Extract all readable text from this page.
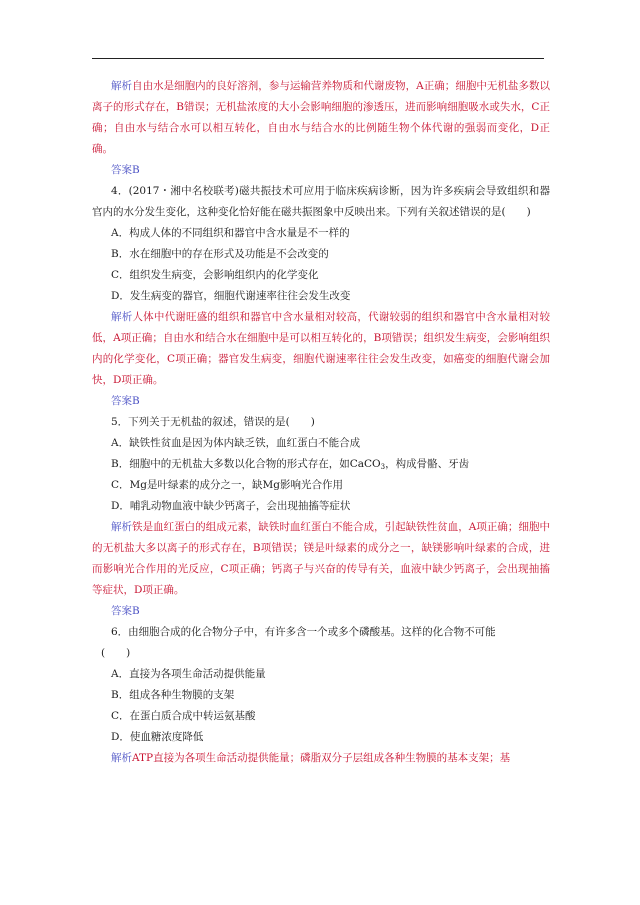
解析自由水是细胞内的良好溶剂，参与运输营养物质和代谢废物，A正确；细胞中无机盐多数以离子的形式存在，B错误；无机盐浓度的大小会影响细胞的渗透压，进而影响细胞吸水或失水，C正确；自由水与结合水可以相互转化，自由水与结合水的比例随生物个体代谢的强弱而变化，D正确。

答案B

4．(2017・湘中名校联考)磁共振技术可应用于临床疾病诊断，因为许多疾病会导致组织和器官内的水分发生变化，这种变化恰好能在磁共振图象中反映出来。下列有关叙述错误的是(　　)

A．构成人体的不同组织和器官中含水量是不一样的

B．水在细胞中的存在形式及功能是不会改变的

C．组织发生病变，会影响组织内的化学变化

D．发生病变的器官，细胞代谢速率往往会发生改变

解析人体中代谢旺盛的组织和器官中含水量相对较高，代谢较弱的组织和器官中含水量相对较低，A项正确；自由水和结合水在细胞中是可以相互转化的，B项错误；组织发生病变，会影响组织内的化学变化，C项正确；器官发生病变，细胞代谢速率往往会发生改变，如癌变的细胞代谢会加快，D项正确。

答案B

5．下列关于无机盐的叙述，错误的是(　　)

A．缺铁性贫血是因为体内缺乏铁，血红蛋白不能合成

B．细胞中的无机盐大多数以化合物的形式存在，如CaCO$_3$，构成骨骼、牙齿

C．Mg是叶绿素的成分之一，缺Mg影响光合作用

D．哺乳动物血液中缺少钙离子，会出现抽搐等症状

解析铁是血红蛋白的组成元素，缺铁时血红蛋白不能合成，引起缺铁性贫血，A项正确；细胞中的无机盐大多以离子的形式存在，B项错误；镁是叶绿素的成分之一，缺镁影响叶绿素的合成，进而影响光合作用的光反应，C项正确；钙离子与兴奋的传导有关，血液中缺少钙离子，会出现抽搐等症状，D项正确。

答案B

6．由细胞合成的化合物分子中，有许多含一个或多个磷酸基。这样的化合物不可能

(　　)

A．直接为各项生命活动提供能量

B．组成各种生物膜的支架

C．在蛋白质合成中转运氨基酸

D．使血糖浓度降低

解析ATP直接为各项生命活动提供能量；磷脂双分子层组成各种生物膜的基本支架；基
